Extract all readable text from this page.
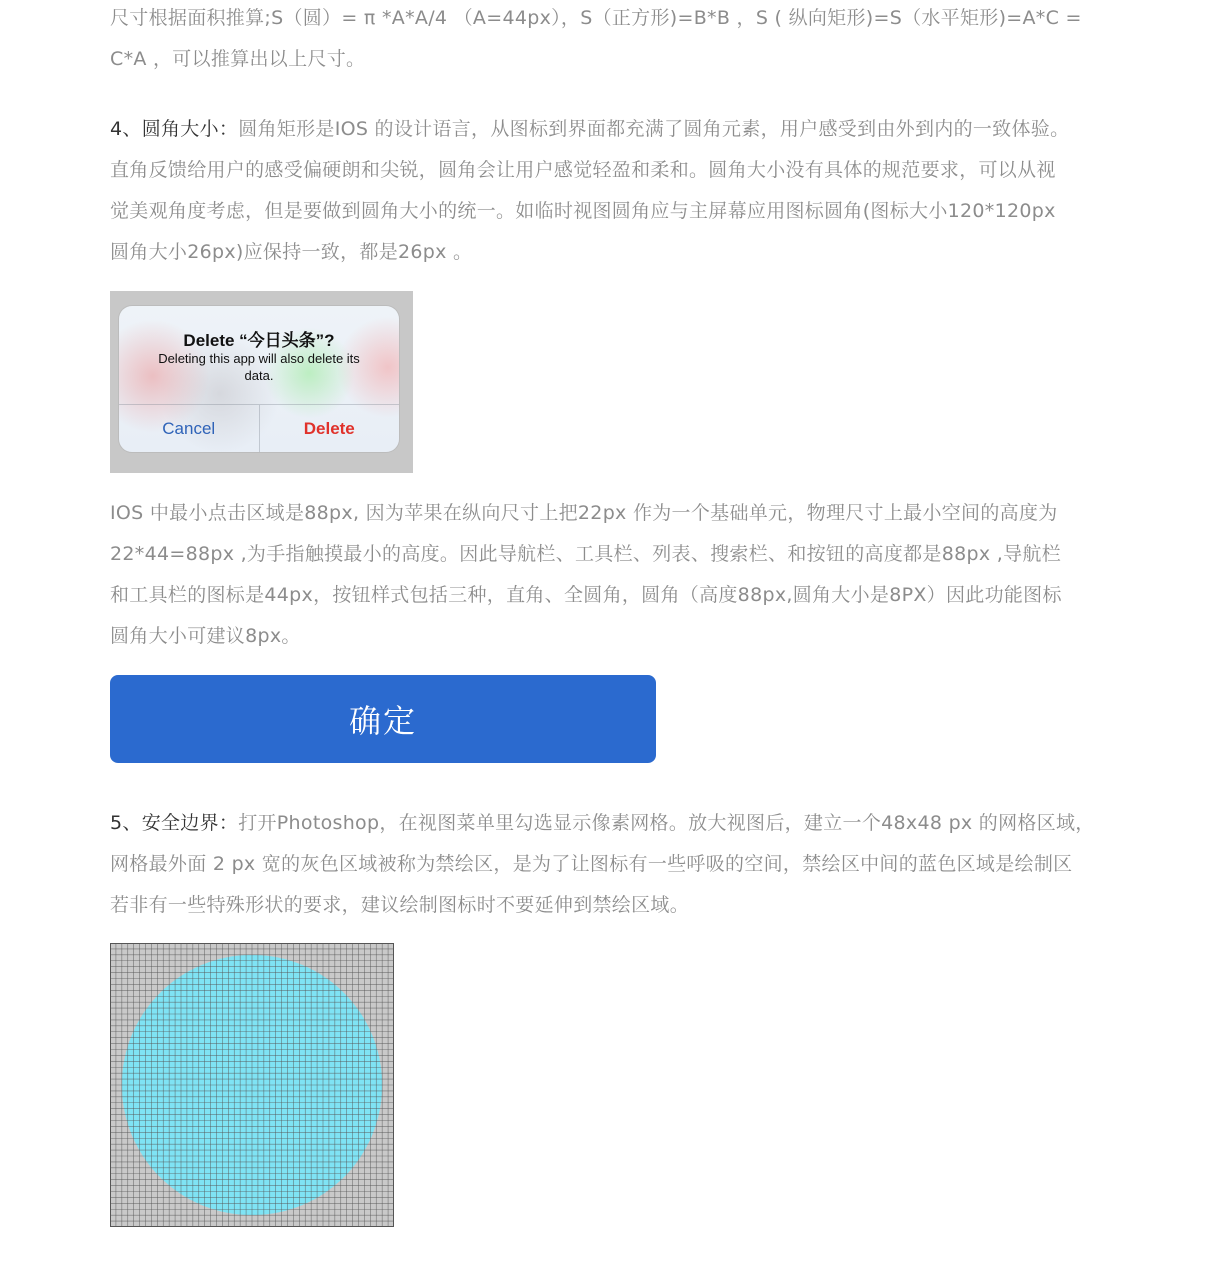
尺寸根据面积推算;S（圆）= π *A*A/4 （A=44px），S（正方形)=B*B ，S ( 纵向矩形)=S（水平矩形)=A*C =
C*A ，可以推算出以上尺寸。

4、圆角大小：圆角矩形是IOS 的设计语言，从图标到界面都充满了圆角元素，用户感受到由外到内的一致体验。
直角反馈给用户的感受偏硬朗和尖锐，圆角会让用户感觉轻盈和柔和。圆角大小没有具体的规范要求，可以从视
觉美观角度考虑，但是要做到圆角大小的统一。如临时视图圆角应与主屏幕应用图标圆角(图标大小120*120px
圆角大小26px)应保持一致，都是26px 。

Delete “今日头条”?
Deleting this app will also delete its data.
Cancel	Delete

IOS 中最小点击区域是88px, 因为苹果在纵向尺寸上把22px 作为一个基础单元，物理尺寸上最小空间的高度为
22*44=88px ,为手指触摸最小的高度。因此导航栏、工具栏、列表、搜索栏、和按钮的高度都是88px ,导航栏
和工具栏的图标是44px，按钮样式包括三种，直角、全圆角，圆角（高度88px,圆角大小是8PX）因此功能图标
圆角大小可建议8px。

确定

5、安全边界：打开Photoshop，在视图菜单里勾选显示像素网格。放大视图后，建立一个48x48 px 的网格区域，
网格最外面 2 px 宽的灰色区域被称为禁绘区，是为了让图标有一些呼吸的空间，禁绘区中间的蓝色区域是绘制区
若非有一些特殊形状的要求，建议绘制图标时不要延伸到禁绘区域。
